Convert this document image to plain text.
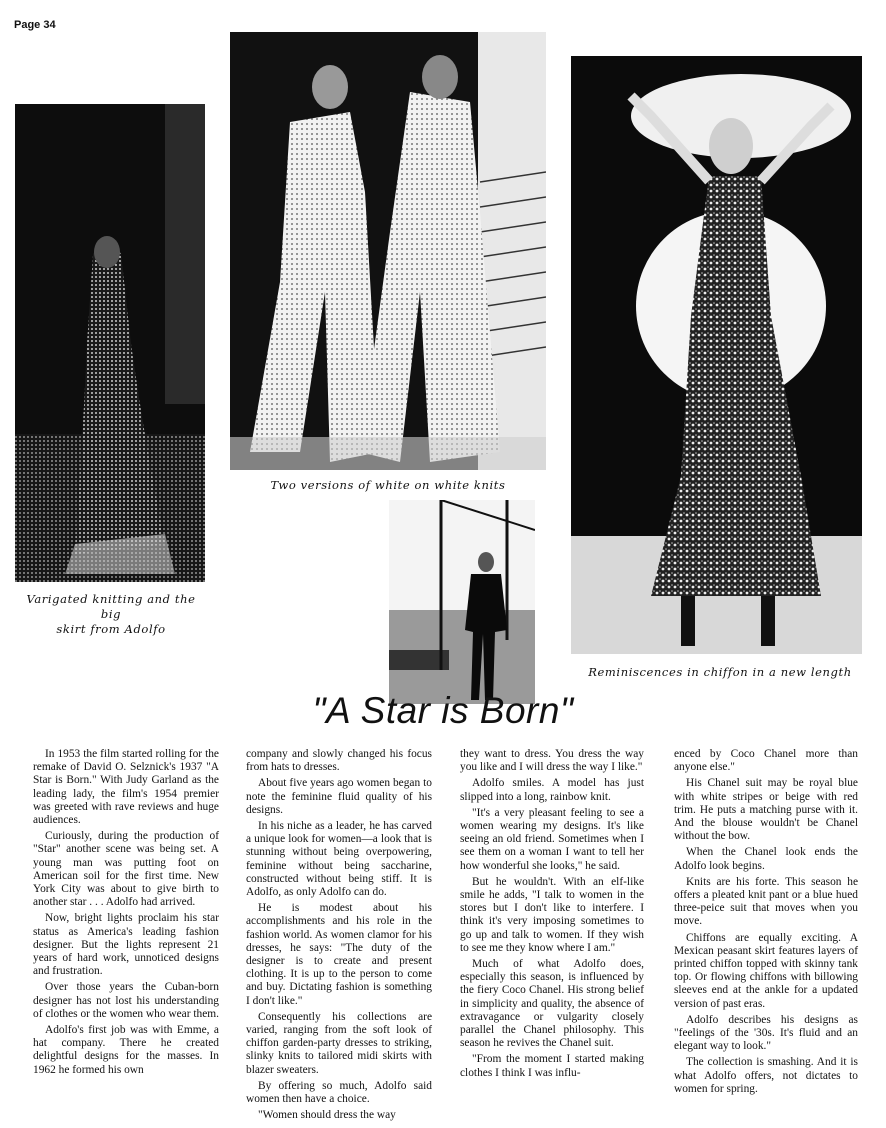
Page 34
Varigated knitting and the big
skirt from Adolfo
Two versions of white on white knits
Reminiscences in chiffon in a new length
"A Star is Born"

In 1953 the film started rolling for the remake of David O. Selznick's 1937 "A Star is Born." With Judy Garland as the leading lady, the film's 1954 premier was greeted with rave reviews and huge audiences.

Curiously, during the production of "Star" another scene was being set. A young man was putting foot on American soil for the first time. New York City was about to give birth to another star . . . Adolfo had arrived.

Now, bright lights proclaim his star status as America's leading fashion designer. But the lights represent 21 years of hard work, unnoticed designs and frustration.

Over those years the Cuban-born designer has not lost his understanding of clothes or the women who wear them.

Adolfo's first job was with Emme, a hat company. There he created delightful designs for the masses. In 1962 he formed his own

company and slowly changed his focus from hats to dresses.

About five years ago women began to note the feminine fluid quality of his designs.

In his niche as a leader, he has carved a unique look for women—a look that is stunning without being overpowering, feminine without being saccharine, constructed without being stiff. It is Adolfo, as only Adolfo can do.

He is modest about his accomplishments and his role in the fashion world. As women clamor for his dresses, he says: "The duty of the designer is to create and present clothing. It is up to the person to come and buy. Dictating fashion is something I don't like."

Consequently his collections are varied, ranging from the soft look of chiffon garden-party dresses to striking, slinky knits to tailored midi skirts with blazer sweaters.

By offering so much, Adolfo said women then have a choice.

"Women should dress the way

they want to dress. You dress the way you like and I will dress the way I like."

Adolfo smiles. A model has just slipped into a long, rainbow knit.

"It's a very pleasant feeling to see a women wearing my designs. It's like seeing an old friend. Sometimes when I see them on a woman I want to tell her how wonderful she looks," he said.

But he wouldn't. With an elf-like smile he adds, "I talk to women in the stores but I don't like to interfere. I think it's very imposing sometimes to go up and talk to women. If they wish to see me they know where I am."

Much of what Adolfo does, especially this season, is influenced by the fiery Coco Chanel. His strong belief in simplicity and quality, the absence of extravagance or vulgarity closely parallel the Chanel philosophy. This season he revives the Chanel suit.

"From the moment I started making clothes I think I was influ-

enced by Coco Chanel more than anyone else."

His Chanel suit may be royal blue with white stripes or beige with red trim. He puts a matching purse with it. And the blouse wouldn't be Chanel without the bow.

When the Chanel look ends the Adolfo look begins.

Knits are his forte. This season he offers a pleated knit pant or a blue hued three-peice suit that moves when you move.

Chiffons are equally exciting. A Mexican peasant skirt features layers of printed chiffon topped with skinny tank top. Or flowing chiffons with billowing sleeves end at the ankle for a updated version of past eras.

Adolfo describes his designs as "feelings of the '30s. It's fluid and an elegant way to look."

The collection is smashing. And it is what Adolfo offers, not dictates to women for spring.
